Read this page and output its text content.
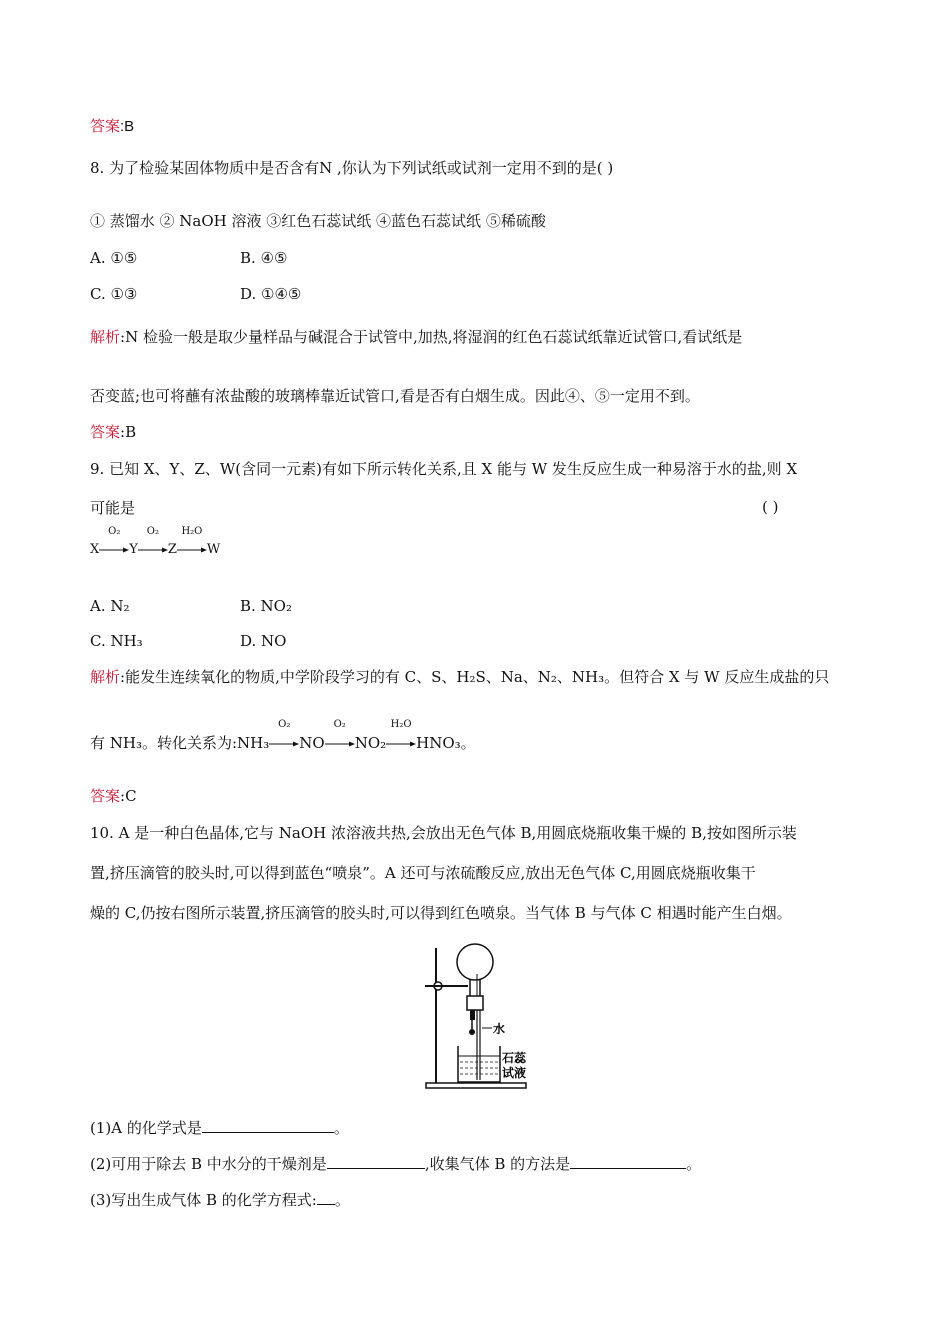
答案:B
8. 为了检验某固体物质中是否含有N ,你认为下列试纸或试剂一定用不到的是( )
① 蒸馏水 ② NaOH 溶液 ③红色石蕊试纸 ④蓝色石蕊试纸 ⑤稀硫酸
A. ①⑤	B. ④⑤
C. ①③	D. ①④⑤
解析:N 检验一般是取少量样品与碱混合于试管中,加热,将湿润的红色石蕊试纸靠近试管口,看试纸是
否变蓝;也可将蘸有浓盐酸的玻璃棒靠近试管口,看是否有白烟生成。因此④、⑤一定用不到。
答案:B
9. 已知 X、Y、Z、W(含同一元素)有如下所示转化关系,且 X 能与 W 发生反应生成一种易溶于水的盐,则 X
可能是	( )
X
O₂
Y
O₂
Z
H₂O
W
A. N₂	B. NO₂
C. NH₃	D. NO
解析:能发生连续氧化的物质,中学阶段学习的有 C、S、H₂S、Na、N₂、NH₃。但符合 X 与 W 反应生成盐的只
有 NH₃。转化关系为:NH₃
O₂
NO
O₂
NO₂
H₂O
HNO₃。
答案:C
10. A 是一种白色晶体,它与 NaOH 浓溶液共热,会放出无色气体 B,用圆底烧瓶收集干燥的 B,按如图所示装
置,挤压滴管的胶头时,可以得到蓝色“喷泉”。A 还可与浓硫酸反应,放出无色气体 C,用圆底烧瓶收集干
燥的 C,仍按右图所示装置,挤压滴管的胶头时,可以得到红色喷泉。当气体 B 与气体 C 相遇时能产生白烟。
水
石蕊
试液
(1)A 的化学式是	。
(2)可用于除去 B 中水分的干燥剂是	,收集气体 B 的方法是	。
(3)写出生成气体 B 的化学方程式: 。
